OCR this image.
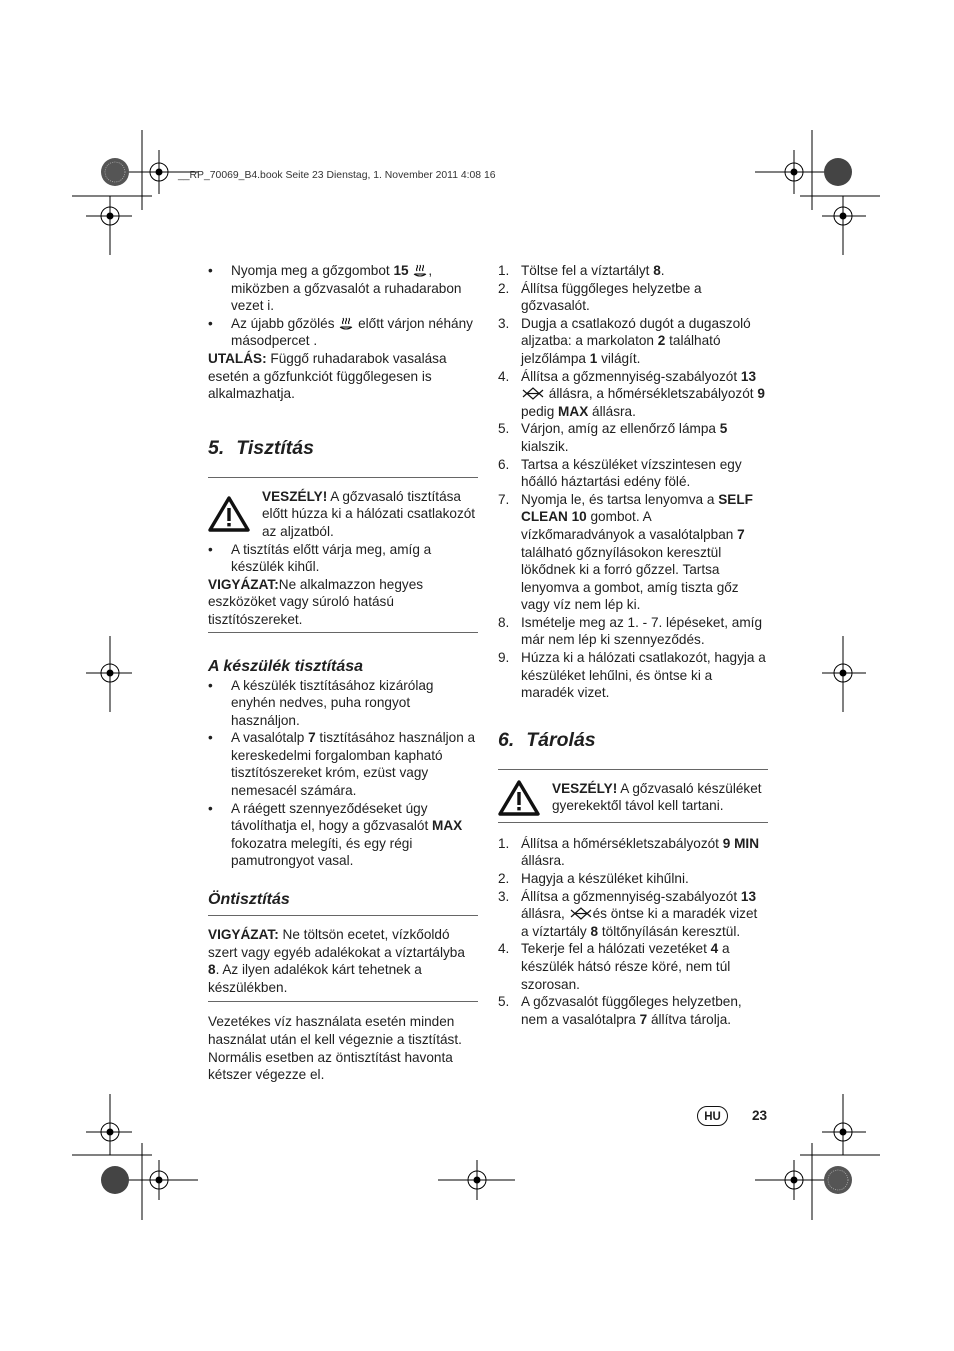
__RP_70069_B4.book Seite 23 Dienstag, 1. November 2011 4:08 16
• Nyomja meg a gőzgombot 15 , miközben a gőzvasalót a ruhadarabon vezet i.
• Az újabb gőzölés  előtt várjon néhány másodpercet .

UTALÁS: Függő ruhadarabok vasalása esetén a gőzfunkciót függőlegesen is alkalmazhatja.

5. Tisztítás
VESZÉLY! A gőzvasaló tisztítása előtt húzza ki a hálózati csatlakozót az aljzatból.
• A tisztítás előtt várja meg, amíg a készülék kihűl.

VIGYÁZAT:Ne alkalmazzon hegyes eszközöket vagy súroló hatású tisztítószereket.

A készülék tisztítása
• A készülék tisztításához kizárólag enyhén nedves, puha rongyot használjon.
• A vasalótalp 7 tisztításához használjon a kereskedelmi forgalomban kapható tisztítószereket króm, ezüst vagy nemesacél számára.
• A ráégett szennyeződéseket úgy távolíthatja el, hogy a gőzvasalót MAX fokozatra melegíti, és egy régi pamutrongyot vasal.
Öntisztítás

VIGYÁZAT: Ne töltsön ecetet, vízkőoldó szert vagy egyéb adalékokat a víztartályba 8. Az ilyen adalékok kárt tehetnek a készülékben.

Vezetékes víz használata esetén minden használat után el kell végeznie a tisztítást. Normális esetben az öntisztítást havonta kétszer végezze el.

1. Töltse fel a víztartályt 8.
2. Állítsa függőleges helyzetbe a gőzvasalót.
3. Dugja a csatlakozó dugót a dugaszoló aljzatba: a markolaton 2 található jelzőlámpa 1 világít.
4. Állítsa a gőzmennyiség-szabályozót 13 állásra, a hőmérsékletszabályozót 9 pedig MAX állásra.
5. Várjon, amíg az ellenőrző lámpa 5 kialszik.
6. Tartsa a készüléket vízszintesen egy hőálló háztartási edény fölé.
7. Nyomja le, és tartsa lenyomva a SELF CLEAN 10 gombot. A vízkőmaradványok a vasalótalpban 7 található gőznyílásokon keresztül lökődnek ki a forró gőzzel. Tartsa lenyomva a gombot, amíg tiszta gőz vagy víz nem lép ki.
8. Ismételje meg az 1. - 7. lépéseket, amíg már nem lép ki szennyeződés.
9. Húzza ki a hálózati csatlakozót, hagyja a készüléket lehűlni, és öntse ki a maradék vizet.
6. Tárolás
VESZÉLY! A gőzvasaló készüléket gyerekektől távol kell tartani.
1. Állítsa a hőmérsékletszabályozót 9 MIN állásra.
2. Hagyja a készüléket kihűlni.
3. Állítsa a gőzmennyiség-szabályozót 13 állásra, és öntse ki a maradék vizet a víztartály 8 töltőnyílásán keresztül.
4. Tekerje fel a hálózati vezetéket 4 a készülék hátsó része köré, nem túl szorosan.
5. A gőzvasalót függőleges helyzetben, nem a vasalótalpra 7 állítva tárolja.
HU	23
